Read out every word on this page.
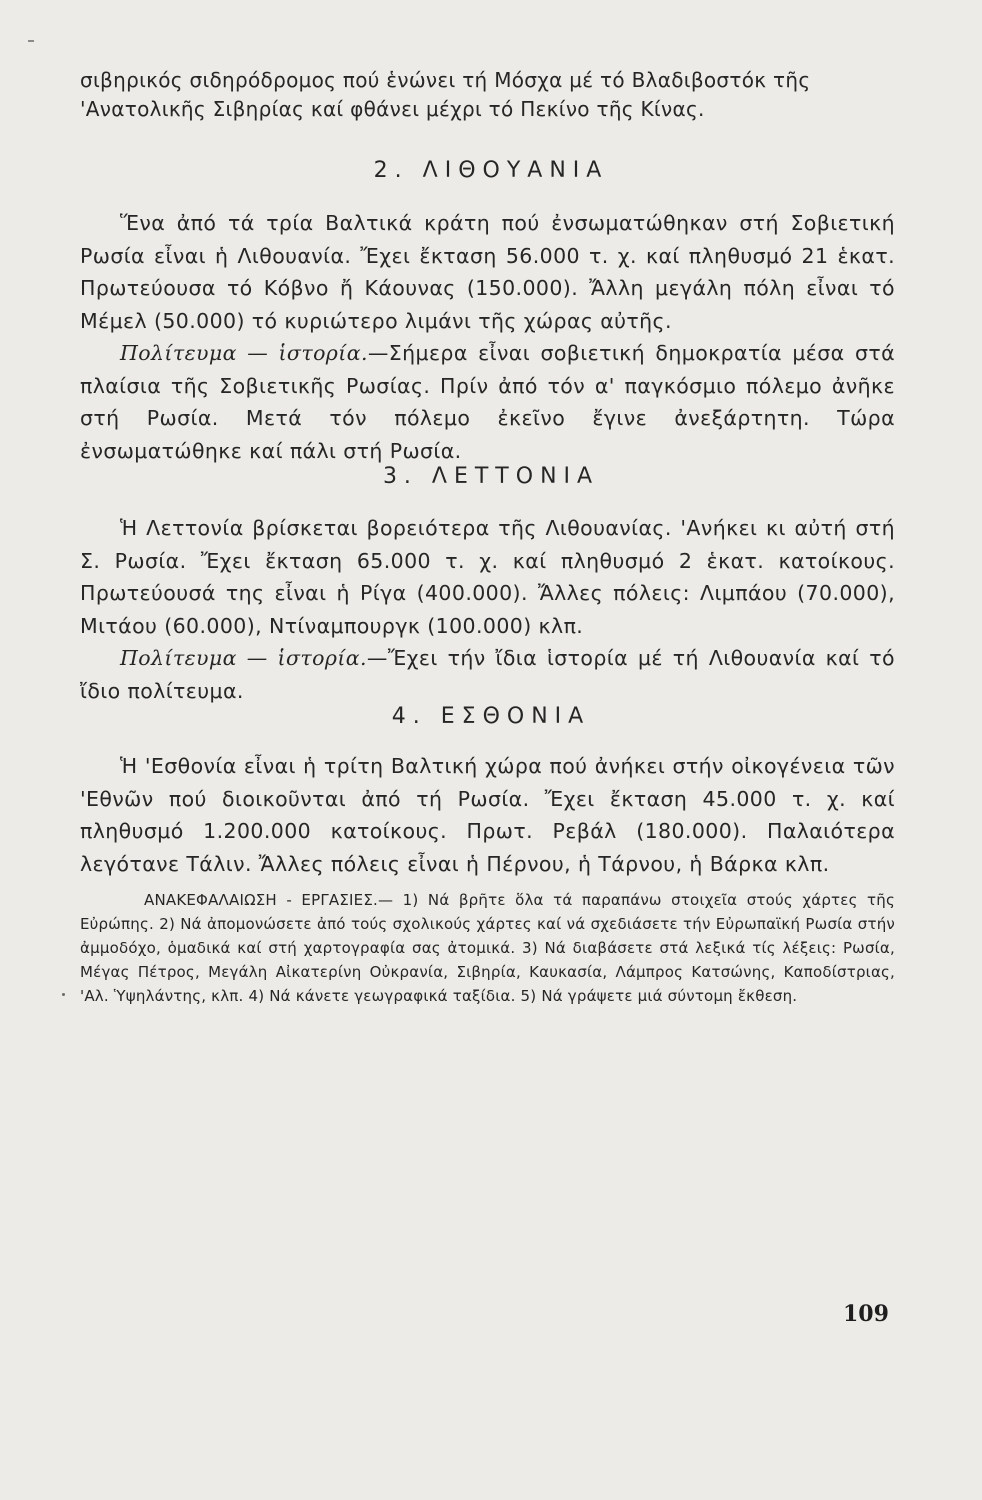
σιβηρικός σιδηρόδρομος πού ἑνώνει τή Μόσχα μέ τό Βλαδιβοστόκ τῆς 'Ανατολικῆς Σιβηρίας καί φθάνει μέχρι τό Πεκίνο τῆς Κίνας.
2. ΛΙΘΟΥΑΝΙΑ

Ἕνα ἀπό τά τρία Βαλτικά κράτη πού ἐνσωματώθηκαν στή Σοβιετική Ρωσία εἶναι ἡ Λιθουανία. Ἔχει ἔκταση 56.000 τ. χ. καί πληθυσμό 21 ἑκατ. Πρωτεύουσα τό Κόβνο ἤ Κάουνας (150.000). Ἄλλη μεγάλη πόλη εἶναι τό Μέμελ (50.000) τό κυριώτερο λιμάνι τῆς χώρας αὐτῆς.

Πολίτευμα — ἱστορία.—Σήμερα εἶναι σοβιετική δημοκρατία μέσα στά πλαίσια τῆς Σοβιετικῆς Ρωσίας. Πρίν ἀπό τόν α' παγκόσμιο πόλεμο ἀνῆκε στή Ρωσία. Μετά τόν πόλεμο ἐκεῖνο ἔγινε ἀνεξάρτητη. Τώρα ἐνσωματώθηκε καί πάλι στή Ρωσία.

3. ΛΕΤΤΟΝΙΑ

Ἡ Λεττονία βρίσκεται βορειότερα τῆς Λιθουανίας. 'Ανήκει κι αὐτή στή Σ. Ρωσία. Ἔχει ἔκταση 65.000 τ. χ. καί πληθυσμό 2 ἑκατ. κατοίκους. Πρωτεύουσά της εἶναι ἡ Ρίγα (400.000). Ἄλλες πόλεις: Λιμπάου (70.000), Μιτάου (60.000), Ντίναμπουργκ (100.000) κλπ.

Πολίτευμα — ἱστορία.—Ἔχει τήν ἴδια ἱστορία μέ τή Λιθουανία καί τό ἴδιο πολίτευμα.

4. ΕΣΘΟΝΙΑ

Ἡ 'Εσθονία εἶναι ἡ τρίτη Βαλτική χώρα πού ἀνήκει στήν οἰκογένεια τῶν 'Εθνῶν πού διοικοῦνται ἀπό τή Ρωσία. Ἔχει ἔκταση 45.000 τ. χ. καί πληθυσμό 1.200.000 κατοίκους. Πρωτ. Ρεβάλ (180.000). Παλαιότερα λεγότανε Τάλιν. Ἄλλες πόλεις εἶναι ἡ Πέρνου, ἡ Τάρνου, ἡ Βάρκα κλπ.

ΑΝΑΚΕΦΑΛΑΙΩΣΗ - ΕΡΓΑΣΙΕΣ.— 1) Νά βρῆτε ὅλα τά παραπάνω στοιχεῖα στούς χάρτες τῆς Εὐρώπης. 2) Νά ἀπομονώσετε ἀπό τούς σχολικούς χάρτες καί νά σχεδιάσετε τήν Εὐρωπαϊκή Ρωσία στήν ἀμμοδόχο, ὁμαδικά καί στή χαρτογραφία σας ἀτομικά. 3) Νά διαβάσετε στά λεξικά τίς λέξεις: Ρωσία, Μέγας Πέτρος, Μεγάλη Αἰκατερίνη Οὐκρανία, Σιβηρία, Καυκασία, Λάμπρος Κατσώνης, Καποδίστριας, 'Αλ. Ὑψηλάντης, κλπ. 4) Νά κάνετε γεωγραφικά ταξίδια. 5) Νά γράψετε μιά σύντομη ἔκθεση.
109
